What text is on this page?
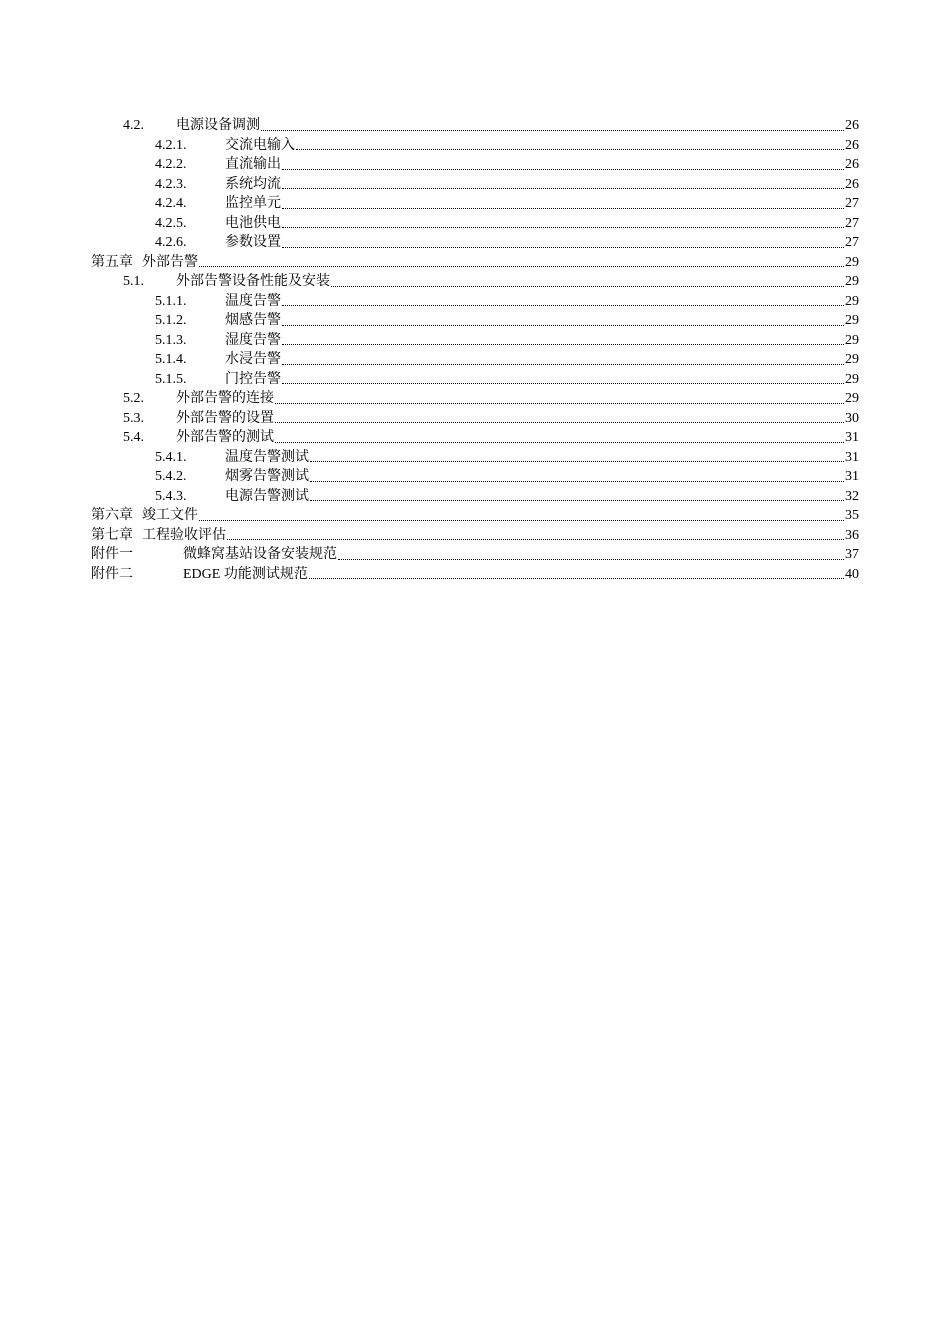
4.2.	电源设备调测	26
4.2.1.	交流电输入	26
4.2.2.	直流输出	26
4.2.3.	系统均流	26
4.2.4.	监控单元	27
4.2.5.	电池供电	27
4.2.6.	参数设置	27
第五章 外部告警	29
5.1.	外部告警设备性能及安装	29
5.1.1.	温度告警	29
5.1.2.	烟感告警	29
5.1.3.	湿度告警	29
5.1.4.	水浸告警	29
5.1.5.	门控告警	29
5.2.	外部告警的连接	29
5.3.	外部告警的设置	30
5.4.	外部告警的测试	31
5.4.1.	温度告警测试	31
5.4.2.	烟雾告警测试	31
5.4.3.	电源告警测试	32
第六章 竣工文件	35
第七章 工程验收评估	36
附件一	微蜂窝基站设备安装规范	37
附件二	EDGE 功能测试规范	40
